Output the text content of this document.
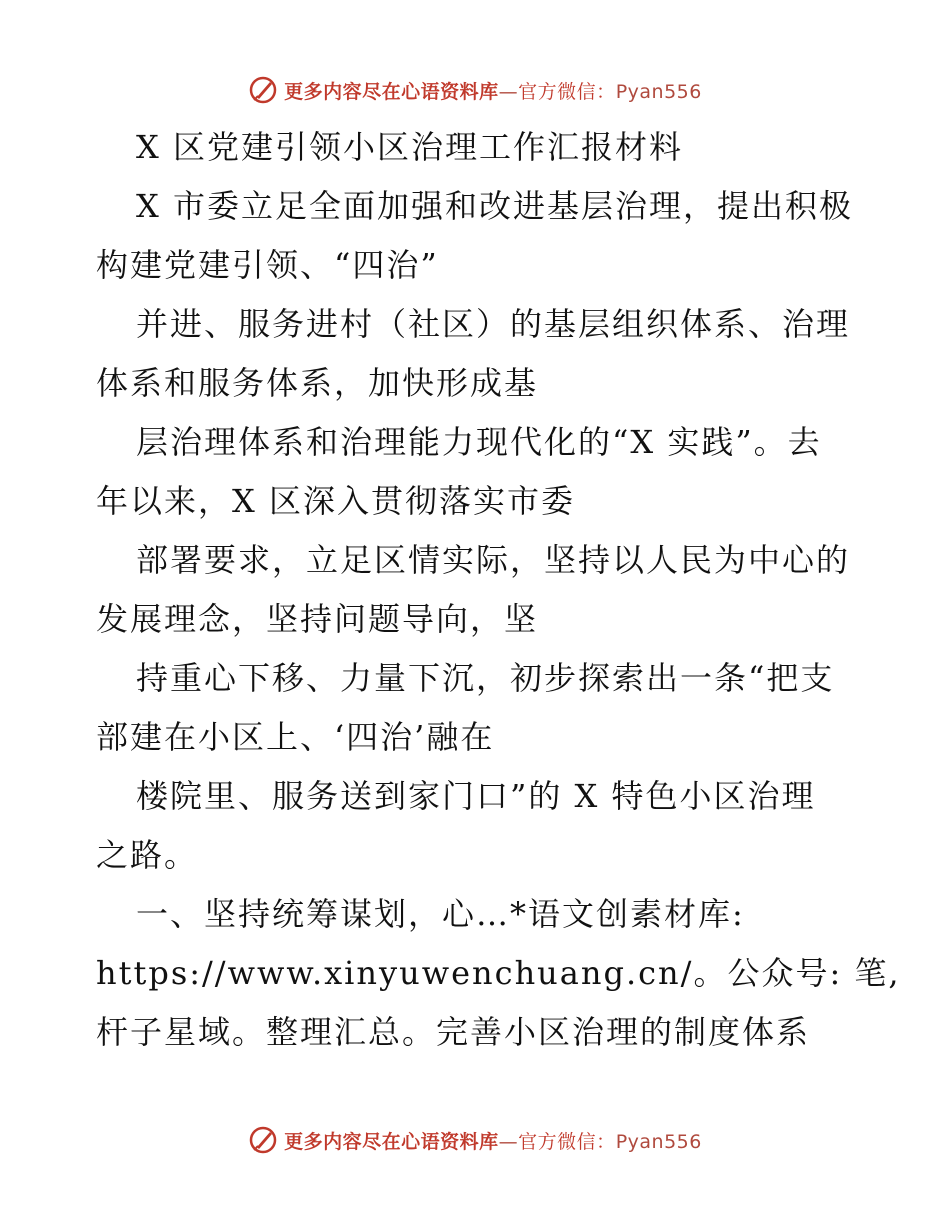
更多内容尽在心语资料库—官方微信：Pyan556
X 区党建引领小区治理工作汇报材料
X 市委立足全面加强和改进基层治理，提出积极
构建党建引领、“四治”
并进、服务进村（社区）的基层组织体系、治理
体系和服务体系，加快形成基
层治理体系和治理能力现代化的“X 实践”。去
年以来，X 区深入贯彻落实市委
部署要求，立足区情实际，坚持以人民为中心的
发展理念，坚持问题导向，坚
持重心下移、力量下沉，初步探索出一条“把支
部建在小区上、‘四治’融在
楼院里、服务送到家门口”的 X 特色小区治理
之路。
一、坚持统筹谋划，心…*语文创素材库:
https://www.xinyuwenchuang.cn/。公众号: 笔,
杆子星域。整理汇总。完善小区治理的制度体系
更多内容尽在心语资料库—官方微信：Pyan556
